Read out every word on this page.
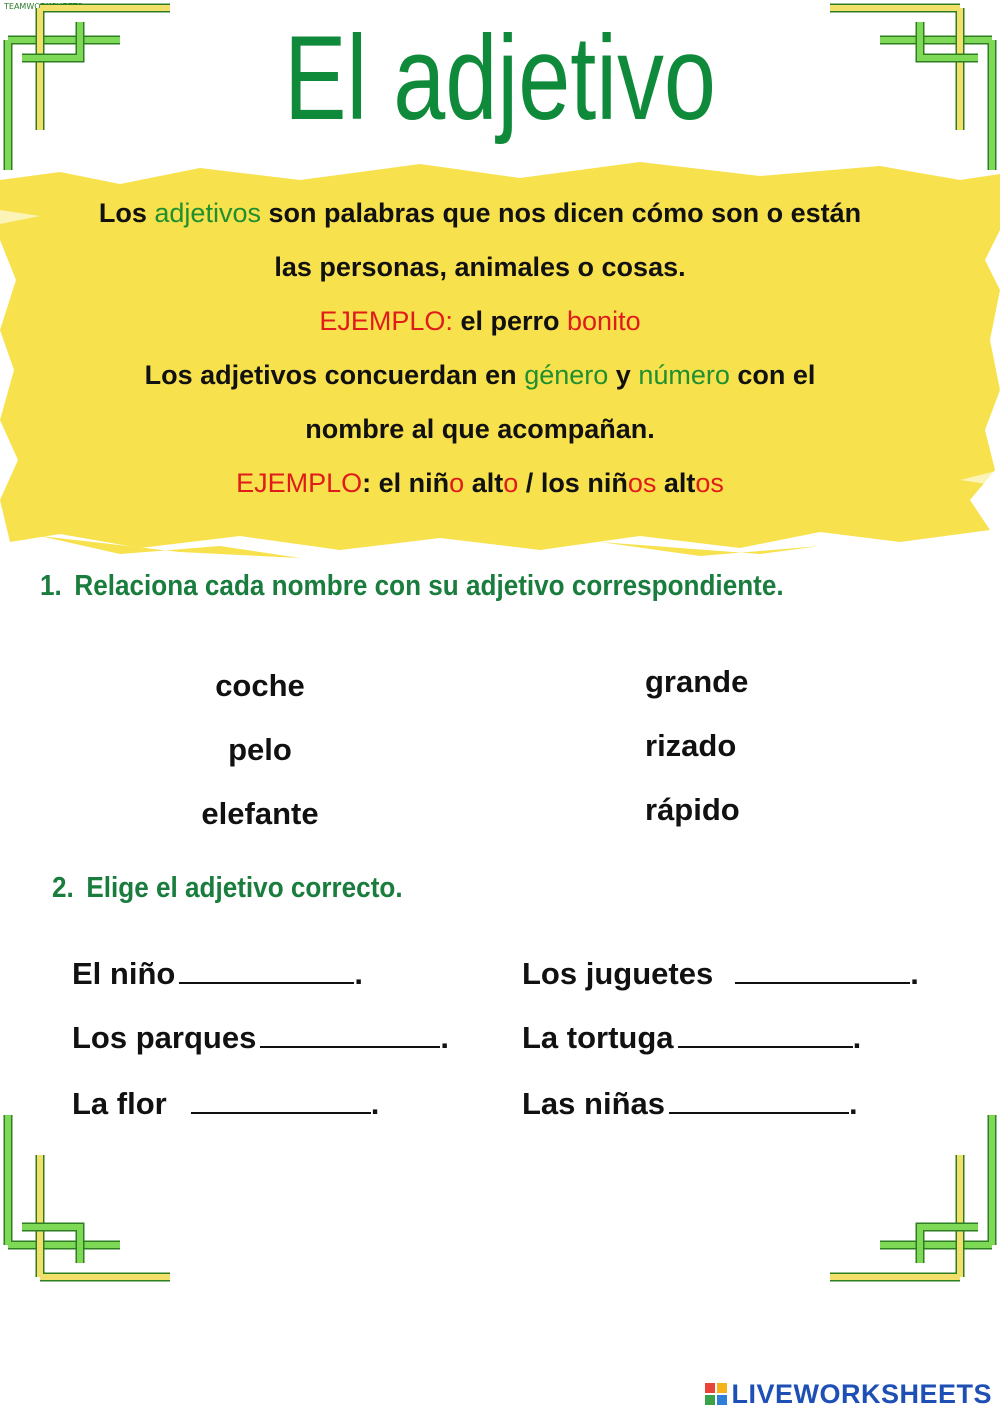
TEAMWORKSHEETS
El adjetivo
Los adjetivos son palabras que nos dicen cómo son o están
las personas, animales o cosas.
EJEMPLO: el perro bonito
Los adjetivos concuerdan en género y número con el
nombre al que acompañan.
EJEMPLO: el niño alto / los niños altos
1. Relaciona cada nombre con su adjetivo correspondiente.
coche
pelo
elefante
grande
rizado
rápido
2. Elige el adjetivo correcto.
El niño	.
Los parques	.
La flor	.
Los juguetes	.
La tortuga	.
Las niñas	.
LIVEWORKSHEETS
